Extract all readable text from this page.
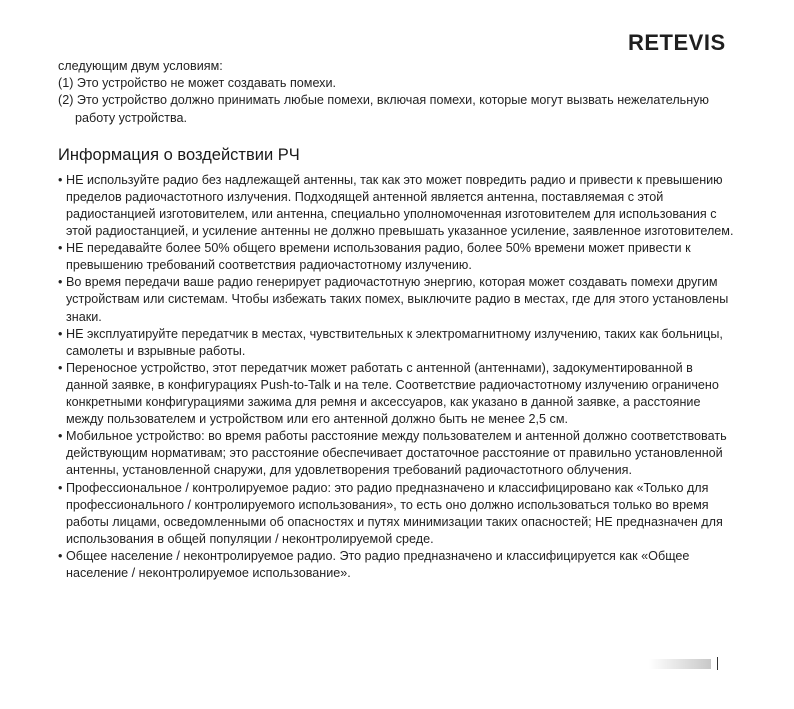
RETEVIS

следующим двум условиям:

(1) Это устройство не может создавать помехи.

(2) Это устройство должно принимать любые помехи, включая помехи, которые могут вызвать нежелательную работу устройства.

Информация о воздействии РЧ
• НЕ используйте радио без надлежащей антенны, так как это может повредить радио и привести к превышению пределов радиочастотного излучения. Подходящей антенной является антенна, поставляемая с этой радиостанцией изготовителем, или антенна, специально уполномоченная изготовителем для использования с этой радиостанцией, и усиление антенны не должно превышать указанное усиление, заявленное изготовителем.
• НЕ передавайте более 50% общего времени использования радио, более 50% времени может привести к превышению требований соответствия радиочастотному излучению.
• Во время передачи ваше радио генерирует радиочастотную энергию, которая может создавать помехи другим устройствам или системам. Чтобы избежать таких помех, выключите радио в местах, где для этого установлены знаки.
• НЕ эксплуатируйте передатчик в местах, чувствительных к электромагнитному излучению, таких как больницы, самолеты и взрывные работы.
• Переносное устройство, этот передатчик может работать с антенной (антеннами), задокументированной в данной заявке, в конфигурациях Push-to-Talk и на теле. Соответствие радиочастотному излучению ограничено конкретными конфигурациями зажима для ремня и аксессуаров, как указано в данной заявке, а расстояние между пользователем и устройством или его антенной должно быть не менее 2,5 см.
• Мобильное устройство: во время работы расстояние между пользователем и антенной должно соответствовать действующим нормативам; это расстояние обеспечивает достаточное расстояние от правильно установленной антенны, установленной снаружи, для удовлетворения требований радиочастотного облучения.
• Профессиональное / контролируемое радио: это радио предназначено и классифицировано как «Только для профессионального / контролируемого использования», то есть оно должно использоваться только во время работы лицами, осведомленными об опасностях и путях минимизации таких опасностей; НЕ предназначен для использования в общей популяции / неконтролируемой среде.
• Общее население / неконтролируемое радио. Это радио предназначено и классифицируется как «Общее население / неконтролируемое использование».
